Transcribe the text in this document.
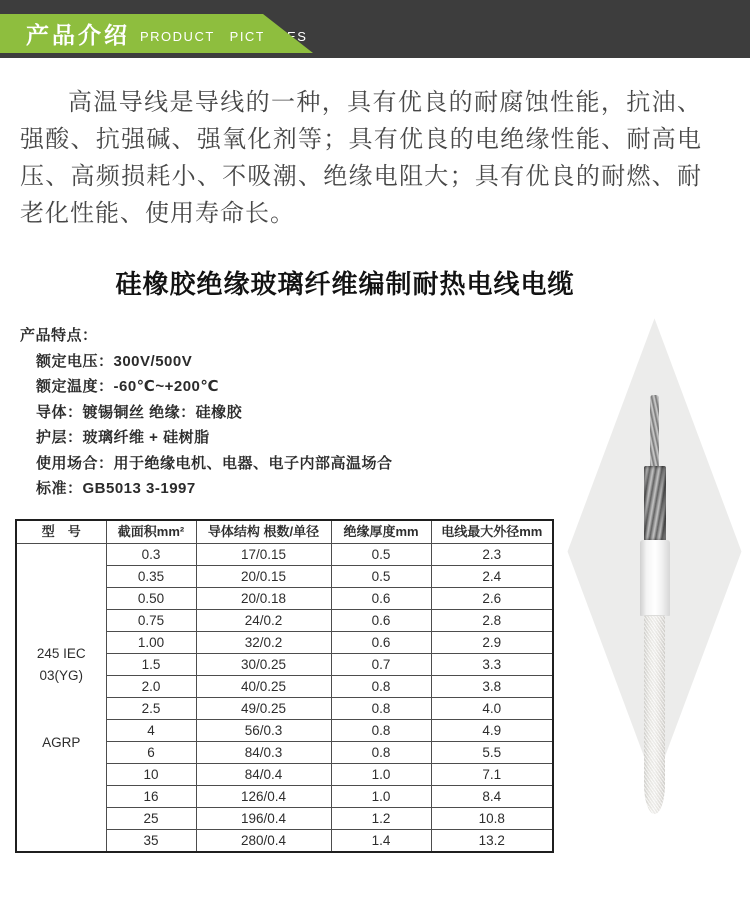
产品介绍 PRODUCT PICTURES

高温导线是导线的一种，具有优良的耐腐蚀性能，抗油、强酸、抗强碱、强氧化剂等；具有优良的电绝缘性能、耐高电压、高频损耗小、不吸潮、绝缘电阻大；具有优良的耐燃、耐老化性能、使用寿命长。

硅橡胶绝缘玻璃纤维编制耐热电线电缆
产品特点：
额定电压：300V/500V
额定温度：-60℃~+200℃
导体：镀锡铜丝 绝缘：硅橡胶
护层：玻璃纤维 + 硅树脂
使用场合：用于绝缘电机、电器、电子内部高温场合
标准：GB5013 3-1997
型　号	截面积mm²	导体结构 根数/单径	绝缘厚度mm	电线最大外径mm

245 IEC
03(YG)
AGRP	0.3	17/0.15	0.5	2.3
	0.35	20/0.15	0.5	2.4
	0.50	20/0.18	0.6	2.6
	0.75	24/0.2	0.6	2.8
	1.00	32/0.2	0.6	2.9
	1.5	30/0.25	0.7	3.3
	2.0	40/0.25	0.8	3.8
	2.5	49/0.25	0.8	4.0
	4	56/0.3	0.8	4.9
	6	84/0.3	0.8	5.5
	10	84/0.4	1.0	7.1
	16	126/0.4	1.0	8.4
	25	196/0.4	1.2	10.8
	35	280/0.4	1.4	13.2
